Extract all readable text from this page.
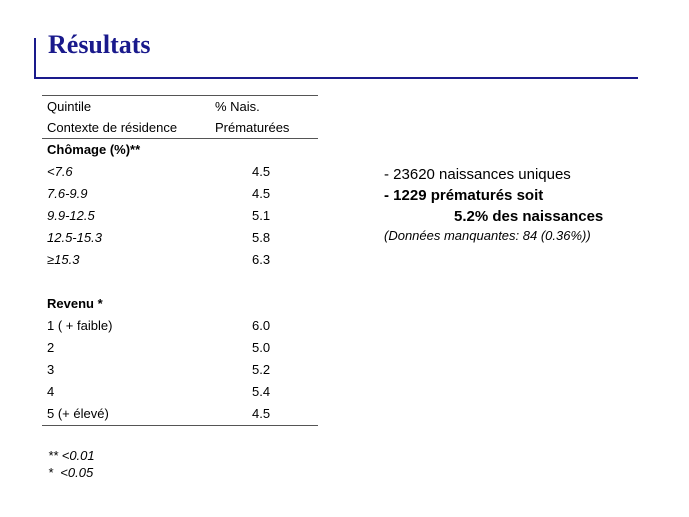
Résultats
Quintile	% Nais.
Contexte de résidence	Prématurées
Chômage (%)**
<7.6	4.5
7.6-9.9	4.5
9.9-12.5	5.1
12.5-15.3	5.8
≥15.3	6.3
Revenu *
1 ( + faible)	6.0
2	5.0
3	5.2
4	5.4
5 (+ élevé)	4.5
** <0.01
*  <0.05
- 23620 naissances uniques
- 1229 prématurés soit
5.2% des naissances
(Données manquantes: 84 (0.36%))
